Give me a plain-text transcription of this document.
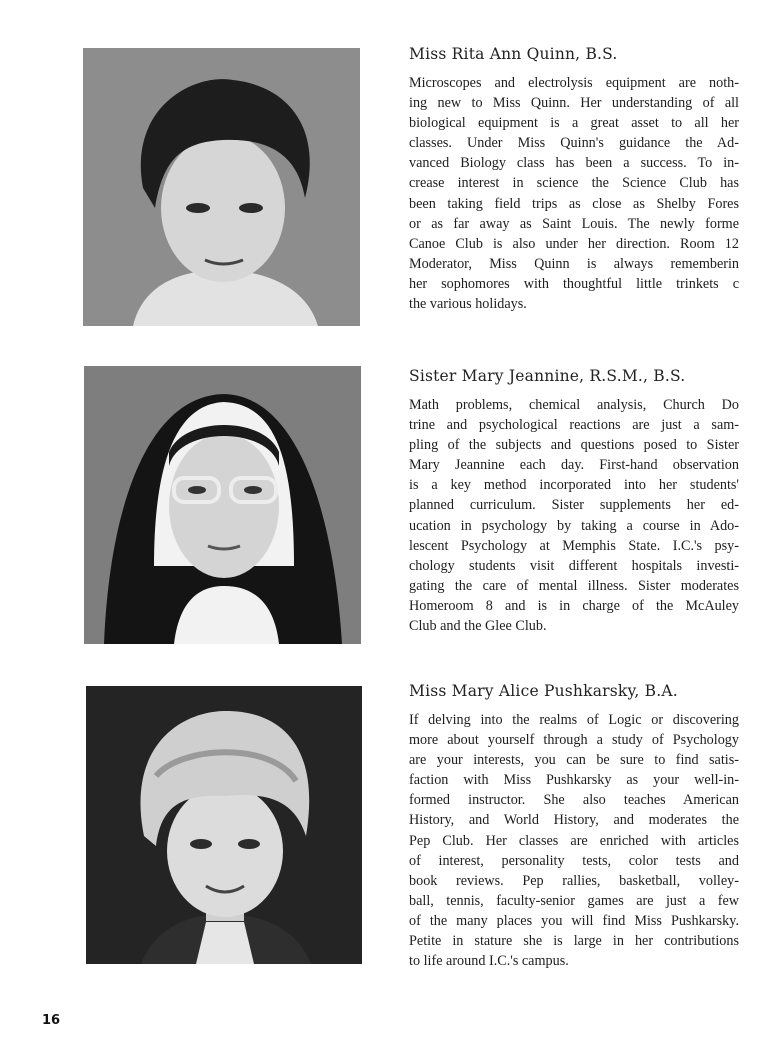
Miss Rita Ann Quinn, B.S.
Microscopes and electrolysis equipment are noth-
ing new to Miss Quinn. Her understanding of all
biological equipment is a great asset to all her
classes. Under Miss Quinn's guidance the Ad-
vanced Biology class has been a success. To in-
crease interest in science the Science Club has
been taking field trips as close as Shelby Fores
or as far away as Saint Louis. The newly forme
Canoe Club is also under her direction. Room 12
Moderator, Miss Quinn is always rememberin
her sophomores with thoughtful little trinkets c
the various holidays.
Sister Mary Jeannine, R.S.M., B.S.
Math problems, chemical analysis, Church Do
trine and psychological reactions are just a sam-
pling of the subjects and questions posed to Sister
Mary Jeannine each day. First-hand observation
is a key method incorporated into her students'
planned curriculum. Sister supplements her ed-
ucation in psychology by taking a course in Ado-
lescent Psychology at Memphis State. I.C.'s psy-
chology students visit different hospitals investi-
gating the care of mental illness. Sister moderates
Homeroom 8 and is in charge of the McAuley
Club and the Glee Club.
Miss Mary Alice Pushkarsky, B.A.
If delving into the realms of Logic or discovering
more about yourself through a study of Psychology
are your interests, you can be sure to find satis-
faction with Miss Pushkarsky as your well-in-
formed instructor. She also teaches American
History, and World History, and moderates the
Pep Club. Her classes are enriched with articles
of interest, personality tests, color tests and
book reviews. Pep rallies, basketball, volley-
ball, tennis, faculty-senior games are just a few
of the many places you will find Miss Pushkarsky.
Petite in stature she is large in her contributions
to life around I.C.'s campus.
16
